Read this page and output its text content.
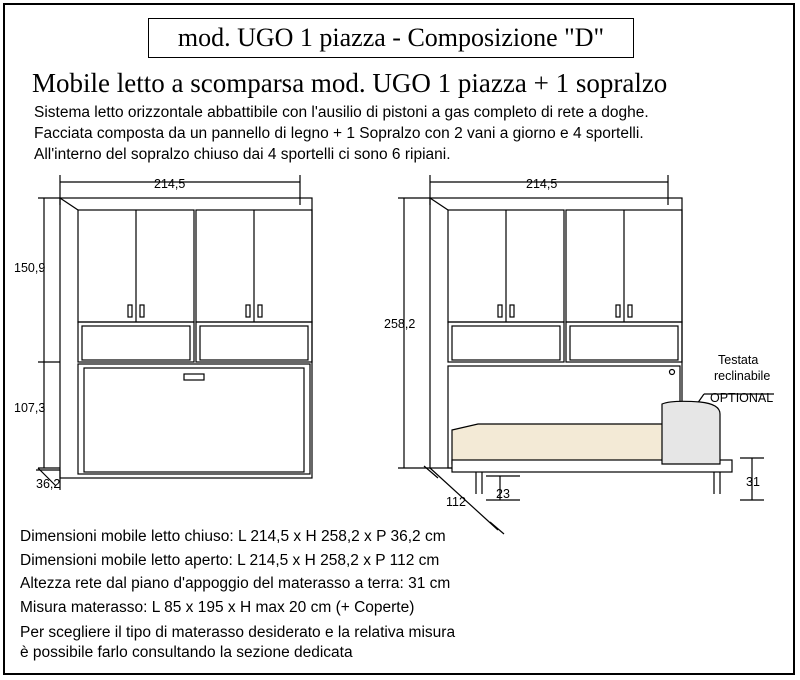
mod. UGO 1 piazza - Composizione "D"
Mobile letto a scomparsa mod. UGO 1 piazza + 1 sopralzo
Sistema letto orizzontale abbattibile con l'ausilio di pistoni a gas completo di rete a doghe.
Facciata composta da un pannello di legno + 1 Sopralzo con 2 vani a giorno e 4 sportelli.
All'interno del sopralzo chiuso dai 4 sportelli ci sono 6 ripiani.
214,5
150,9
107,3
36,2
214,5
258,2
112
23
31
Testata
reclinabile
OPTIONAL
Dimensioni mobile letto chiuso: L 214,5 x H 258,2 x P 36,2 cm
Dimensioni mobile letto aperto: L 214,5 x H 258,2 x P 112 cm
Altezza rete dal piano d'appoggio del materasso a terra: 31 cm
Misura materasso: L 85 x 195 x H max 20 cm (+ Coperte)
Per scegliere il tipo di materasso desiderato e la relativa misura
è possibile farlo consultando la sezione dedicata
